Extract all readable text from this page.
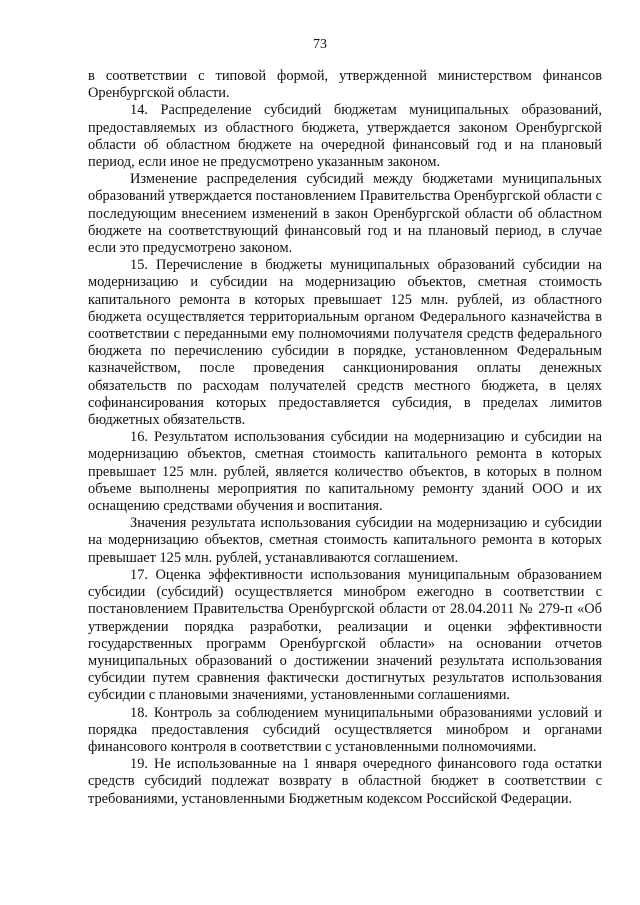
73

в соответствии с типовой формой, утвержденной министерством финансов Оренбургской области.

14. Распределение субсидий бюджетам муниципальных образований, предоставляемых из областного бюджета, утверждается законом Оренбургской области об областном бюджете на очередной финансовый год и на плановый период, если иное не предусмотрено указанным законом.

Изменение распределения субсидий между бюджетами муниципальных образований утверждается постановлением Правительства Оренбургской области с последующим внесением изменений в закон Оренбургской области об областном бюджете на соответствующий финансовый год и на плановый период, в случае если это предусмотрено законом.

15. Перечисление в бюджеты муниципальных образований субсидии на модернизацию и субсидии на модернизацию объектов, сметная стоимость капитального ремонта в которых превышает 125 млн. рублей, из областного бюджета осуществляется территориальным органом Федерального казначейства в соответствии с переданными ему полномочиями получателя средств федерального бюджета по перечислению субсидии в порядке, установленном Федеральным казначейством, после проведения санкционирования оплаты денежных обязательств по расходам получателей средств местного бюджета, в целях софинансирования которых предоставляется субсидия, в пределах лимитов бюджетных обязательств.

16. Результатом использования субсидии на модернизацию и субсидии на модернизацию объектов, сметная стоимость капитального ремонта в которых превышает 125 млн. рублей, является количество объектов, в которых в полном объеме выполнены мероприятия по капитальному ремонту зданий ООО и их оснащению средствами обучения и воспитания.

Значения результата использования субсидии на модернизацию и субсидии на модернизацию объектов, сметная стоимость капитального ремонта в которых превышает 125 млн. рублей, устанавливаются соглашением.

17. Оценка эффективности использования муниципальным образованием субсидии (субсидий) осуществляется минобром ежегодно в соответствии с постановлением Правительства Оренбургской области от 28.04.2011 № 279-п «Об утверждении порядка разработки, реализации и оценки эффективности государственных программ Оренбургской области» на основании отчетов муниципальных образований о достижении значений результата использования субсидии путем сравнения фактически достигнутых результатов использования субсидии с плановыми значениями, установленными соглашениями.

18. Контроль за соблюдением муниципальными образованиями условий и порядка предоставления субсидий осуществляется минобром и органами финансового контроля в соответствии с установленными полномочиями.

19. Не использованные на 1 января очередного финансового года остатки средств субсидий подлежат возврату в областной бюджет в соответствии с требованиями, установленными Бюджетным кодексом Российской Федерации.
